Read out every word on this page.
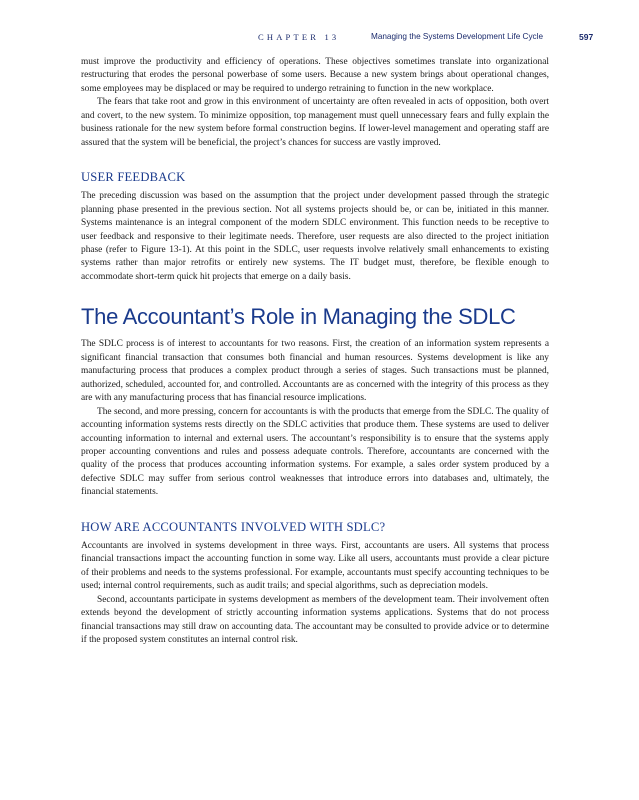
CHAPTER 13	Managing the Systems Development Life Cycle	597

must improve the productivity and efficiency of operations. These objectives sometimes translate into organizational restructuring that erodes the personal powerbase of some users. Because a new system brings about operational changes, some employees may be displaced or may be required to undergo retraining to function in the new workplace.

The fears that take root and grow in this environment of uncertainty are often revealed in acts of opposition, both overt and covert, to the new system. To minimize opposition, top management must quell unnecessary fears and fully explain the business rationale for the new system before formal construction begins. If lower-level management and operating staff are assured that the system will be beneficial, the project’s chances for success are vastly improved.

USER FEEDBACK

The preceding discussion was based on the assumption that the project under development passed through the strategic planning phase presented in the previous section. Not all systems projects should be, or can be, initiated in this manner. Systems maintenance is an integral component of the modern SDLC environment. This function needs to be receptive to user feedback and responsive to their legitimate needs. Therefore, user requests are also directed to the project initiation phase (refer to Figure 13-1). At this point in the SDLC, user requests involve relatively small enhancements to existing systems rather than major retrofits or entirely new systems. The IT budget must, therefore, be flexible enough to accommodate short-term quick hit projects that emerge on a daily basis.

The Accountant’s Role in Managing the SDLC

The SDLC process is of interest to accountants for two reasons. First, the creation of an information system represents a significant financial transaction that consumes both financial and human resources. Systems development is like any manufacturing process that produces a complex product through a series of stages. Such transactions must be planned, authorized, scheduled, accounted for, and controlled. Accountants are as concerned with the integrity of this process as they are with any manufacturing process that has financial resource implications.

The second, and more pressing, concern for accountants is with the products that emerge from the SDLC. The quality of accounting information systems rests directly on the SDLC activities that produce them. These systems are used to deliver accounting information to internal and external users. The accountant’s responsibility is to ensure that the systems apply proper accounting conventions and rules and possess adequate controls. Therefore, accountants are concerned with the quality of the process that produces accounting information systems. For example, a sales order system produced by a defective SDLC may suffer from serious control weaknesses that introduce errors into databases and, ultimately, the financial statements.

HOW ARE ACCOUNTANTS INVOLVED WITH SDLC?

Accountants are involved in systems development in three ways. First, accountants are users. All systems that process financial transactions impact the accounting function in some way. Like all users, accountants must provide a clear picture of their problems and needs to the systems professional. For example, accountants must specify accounting techniques to be used; internal control requirements, such as audit trails; and special algorithms, such as depreciation models.

Second, accountants participate in systems development as members of the development team. Their involvement often extends beyond the development of strictly accounting information systems applications. Systems that do not process financial transactions may still draw on accounting data. The accountant may be consulted to provide advice or to determine if the proposed system constitutes an internal control risk.
